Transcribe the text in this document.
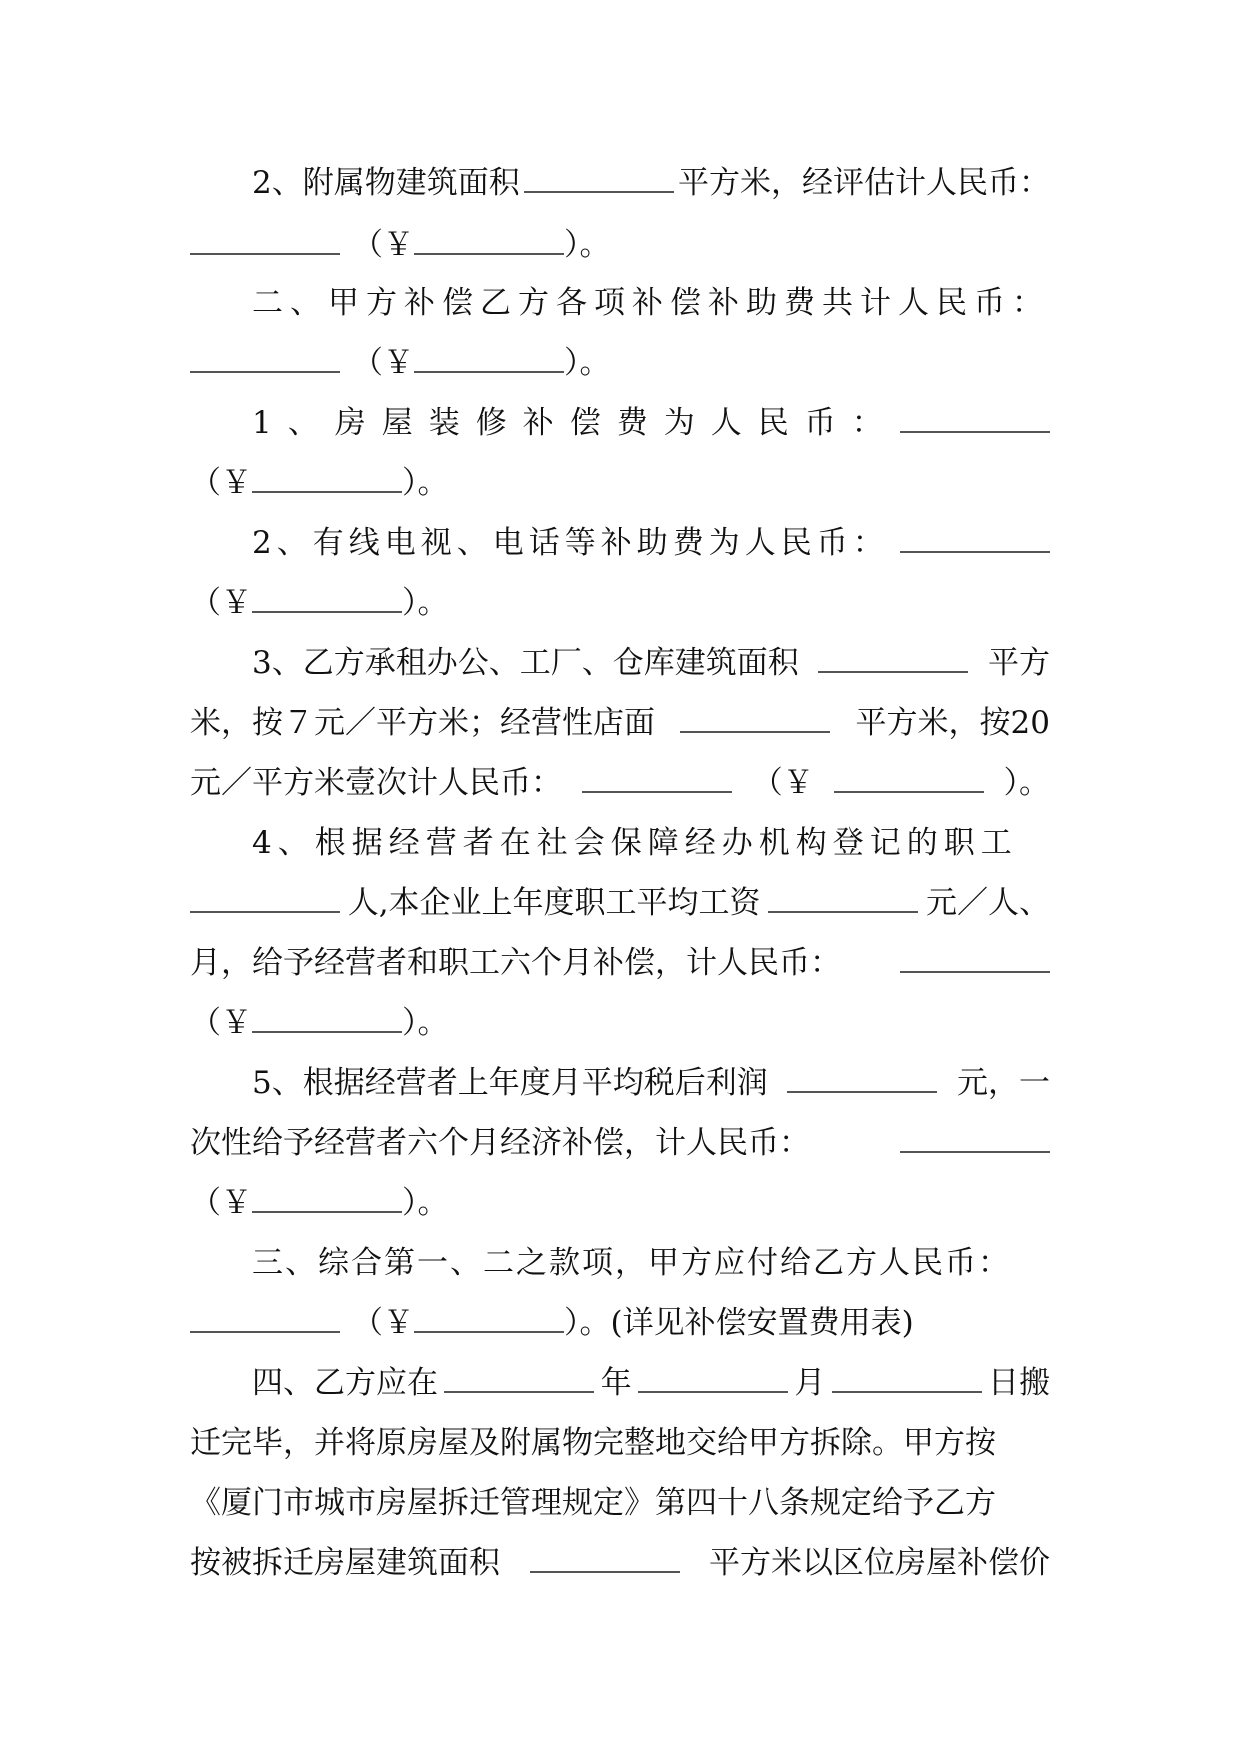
2、附属物建筑面积	平方米，经评估计人民币：
（￥	）。
二、甲方补偿乙方各项补偿补助费共计人民币：
（￥	）。
1、房屋装修补偿费为人民币：
（￥	）。
2、有线电视、电话等补助费为人民币：
（￥	）。
3、乙方承租办公、工厂、仓库建筑面积	平方
米，按７元／平方米；经营性店面	平方米，按20
元／平方米壹次计人民币：	（￥	）。
4、根据经营者在社会保障经办机构登记的职工
人,本企业上年度职工平均工资	元／人、
月，给予经营者和职工六个月补偿，计人民币：
（￥	）。
5、根据经营者上年度月平均税后利润	元，一
次性给予经营者六个月经济补偿，计人民币：
（￥	）。
三、综合第一、二之款项，甲方应付给乙方人民币：
（￥	）。(详见补偿安置费用表)
四、乙方应在	年	月	日搬
迁完毕，并将原房屋及附属物完整地交给甲方拆除。甲方按
《厦门市城市房屋拆迁管理规定》第四十八条规定给予乙方
按被拆迁房屋建筑面积	平方米以区位房屋补偿价
